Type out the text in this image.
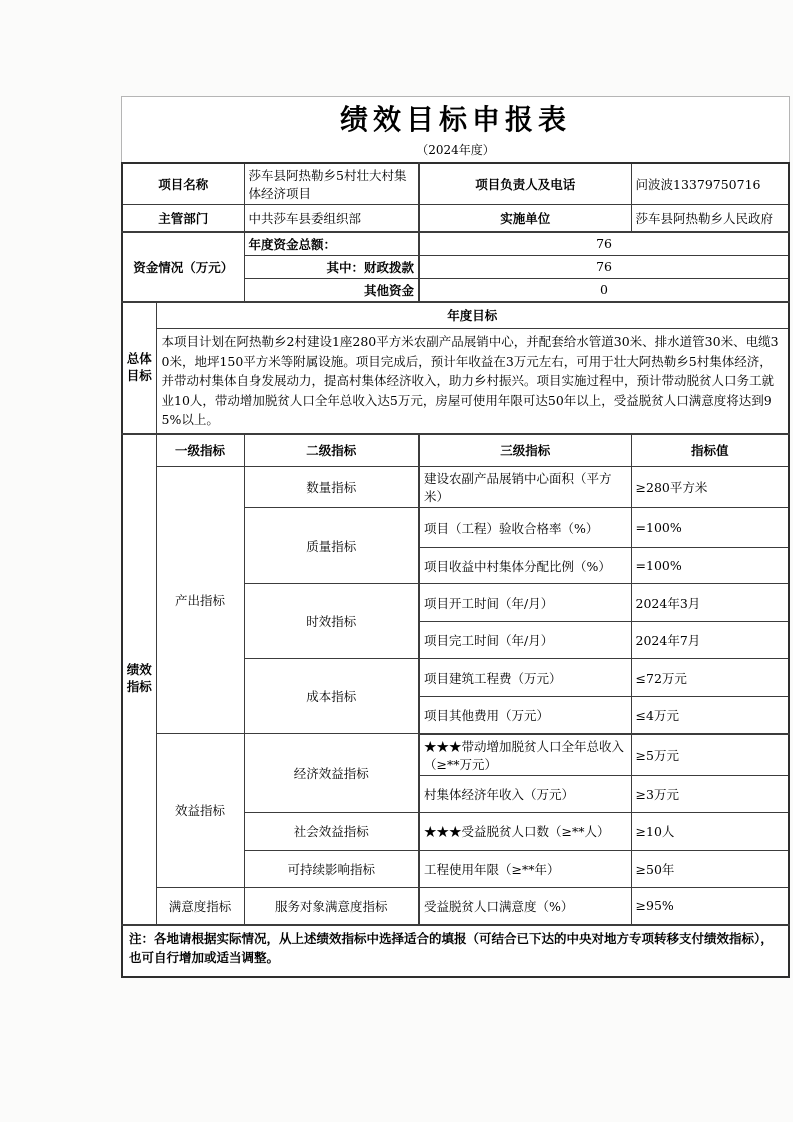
绩效目标申报表
（2024年度）
项目名称		莎车县阿热勒乡5村壮大村集体经济项目	项目负责人及电话	问波波13379750716
主管部门		中共莎车县委组织部	实施单位	莎车县阿热勒乡人民政府
资金情况（万元）		年度资金总额：	76	
		其中：财政拨款	76	
		其他资金	0	
总体目标	年度目标			
	本项目计划在阿热勒乡2村建设1座280平方米农副产品展销中心，并配套给水管道30米、排水道管30米、电缆30米，地坪150平方米等附属设施。项目完成后，预计年收益在3万元左右，可用于壮大阿热勒乡5村集体经济，并带动村集体自身发展动力，提高村集体经济收入，助力乡村振兴。项目实施过程中，预计带动脱贫人口务工就业10人，带动增加脱贫人口全年总收入达5万元，房屋可使用年限可达50年以上，受益脱贫人口满意度将达到95%以上。			
绩效指标	一级指标	二级指标	三级指标	指标值
	产出指标	数量指标	建设农副产品展销中心面积（平方米）	≥280平方米
		质量指标	项目（工程）验收合格率（%）	=100%
			项目收益中村集体分配比例（%）	=100%
		时效指标	项目开工时间（年/月）	2024年3月
			项目完工时间（年/月）	2024年7月
		成本指标	项目建筑工程费（万元）	≤72万元
			项目其他费用（万元）	≤4万元
	效益指标	经济效益指标	★★★带动增加脱贫人口全年总收入（≥**万元）	≥5万元
			村集体经济年收入（万元）	≥3万元
		社会效益指标	★★★受益脱贫人口数（≥**人）	≥10人
		可持续影响指标	工程使用年限（≥**年）	≥50年
	满意度指标	服务对象满意度指标	受益脱贫人口满意度（%）	≥95%
注：各地请根据实际情况，从上述绩效指标中选择适合的填报（可结合已下达的中央对地方专项转移支付绩效指标），也可自行增加或适当调整。				
